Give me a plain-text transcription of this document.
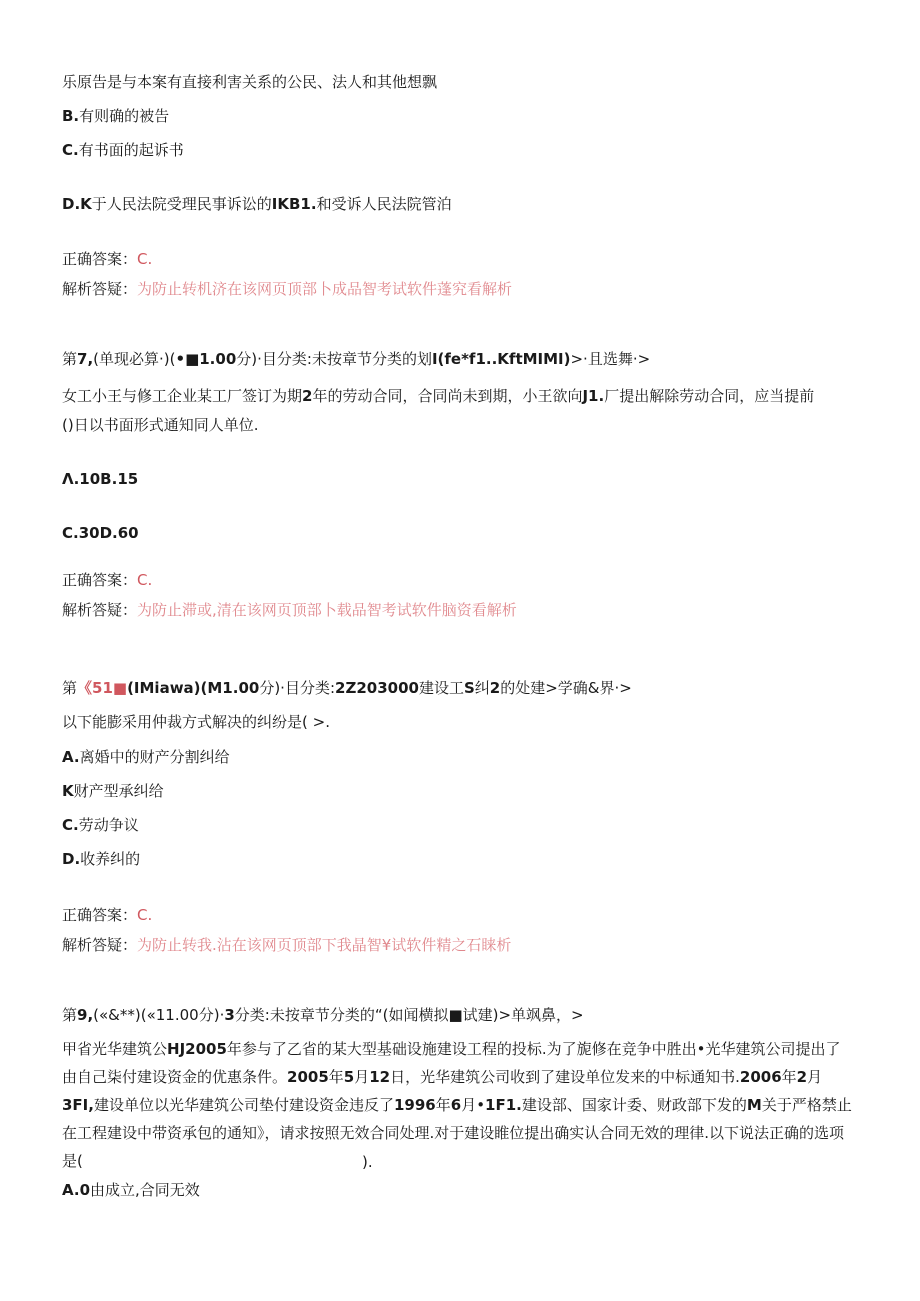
乐原告是与本案有直接利害关系的公民、法人和其他想飘
B.有则确的被告
C.有书面的起诉书
D.K于人民法院受理民事诉讼的IKB1.和受诉人民法院管泊
正确答案：C.
解析答疑：为防止转机济在该网页顶部卜成品智考试软件蓬究看解析
第7,(单现必算·)(•■1.00分)·目分类:未按章节分类的划I(fe*f1..KftMIMI)>·且选舞·>
女工小王与修工企业某工厂签订为期2年的劳动合同，合同尚未到期，小王欲向J1.厂提出解除劳动合同，应当提前
()日以书面形式通知同人单位.
Λ.10B.15
C.30D.60
正确答案：C.
解析答疑：为防止滞或,清在该网页顶部卜载品智考试软件脑资看解析
第《51■(IMiawa)(M1.00分)·目分类:2Z203000建设工S纠2的处建>学确&界·>
以下能膨采用仲裁方式解决的纠纷是( >.
A.离婚中的财产分割纠给
K财产型承纠给
C.劳动争议
D.收养纠的
正确答案：C.
解析答疑：为防止转我.沾在该网页顶部下我晶智¥试软件精之石睐析
第9,(«&**)(«11.00分)·3分类:未按章节分类的“(如闻横拟■试建)>单飒鼻，>
甲省光华建筑公HJ2005年参与了乙省的某大型基础设施建设工程的投标.为了旎修在竞争中胜出•光华建筑公司提出了由自己柒付建设资金的优惠条件。2005年5月12日，光华建筑公司收到了建设单位发来的中标通知书.2006年2月3FI,建设单位以光华建筑公司垫付建设资金违反了1996年6月•1F1.建设部、国家计委、财政部下发的M关于严格禁止在工程建设中带资承包的通知》，请求按照无效合同处理.对于建设睢位提出确实认合同无效的理律.以下说法正确的选项是(	).
A.0由成立,合同无效
